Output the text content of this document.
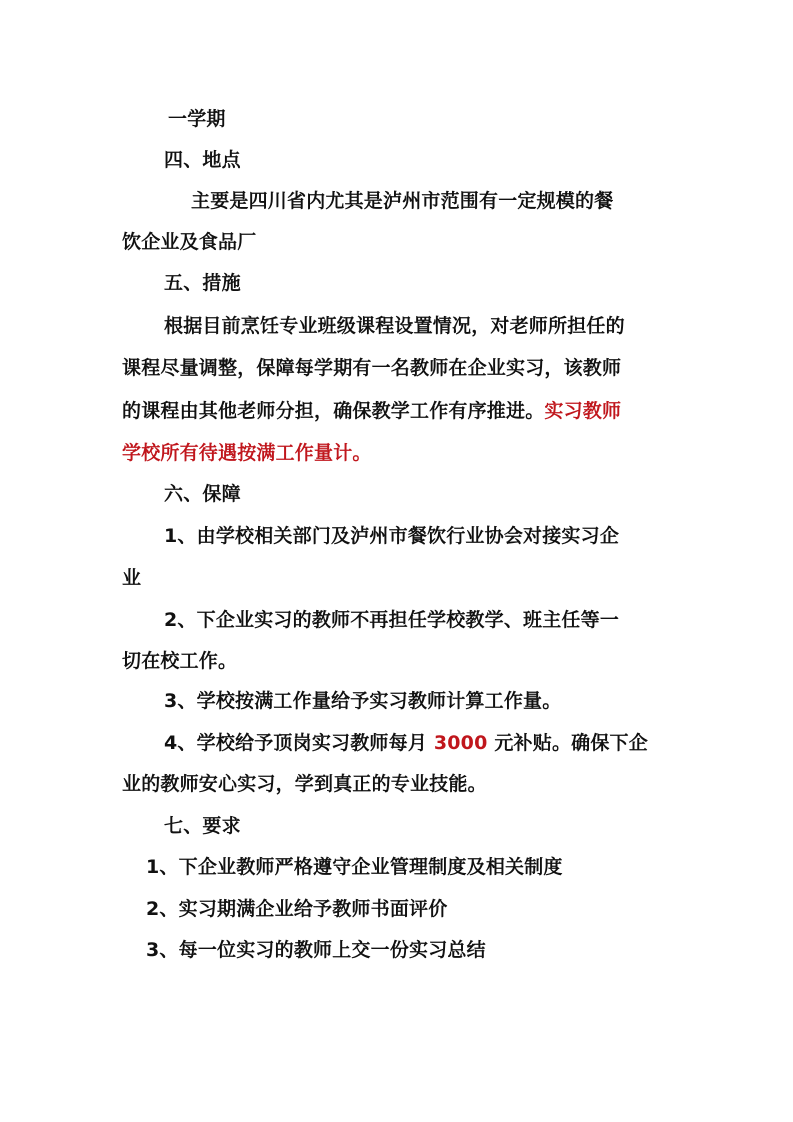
一学期

四、地点

主要是四川省内尤其是泸州市范围有一定规模的餐

饮企业及食品厂

五、措施

根据目前烹饪专业班级课程设置情况，对老师所担任的

课程尽量调整，保障每学期有一名教师在企业实习，该教师

的课程由其他老师分担，确保教学工作有序推进。实习教师

学校所有待遇按满工作量计。

六、保障

1、由学校相关部门及泸州市餐饮行业协会对接实习企

业

2、下企业实习的教师不再担任学校教学、班主任等一

切在校工作。

3、学校按满工作量给予实习教师计算工作量。

4、学校给予顶岗实习教师每月 3000 元补贴。确保下企

业的教师安心实习，学到真正的专业技能。

七、要求

1、下企业教师严格遵守企业管理制度及相关制度

2、实习期满企业给予教师书面评价

3、每一位实习的教师上交一份实习总结
